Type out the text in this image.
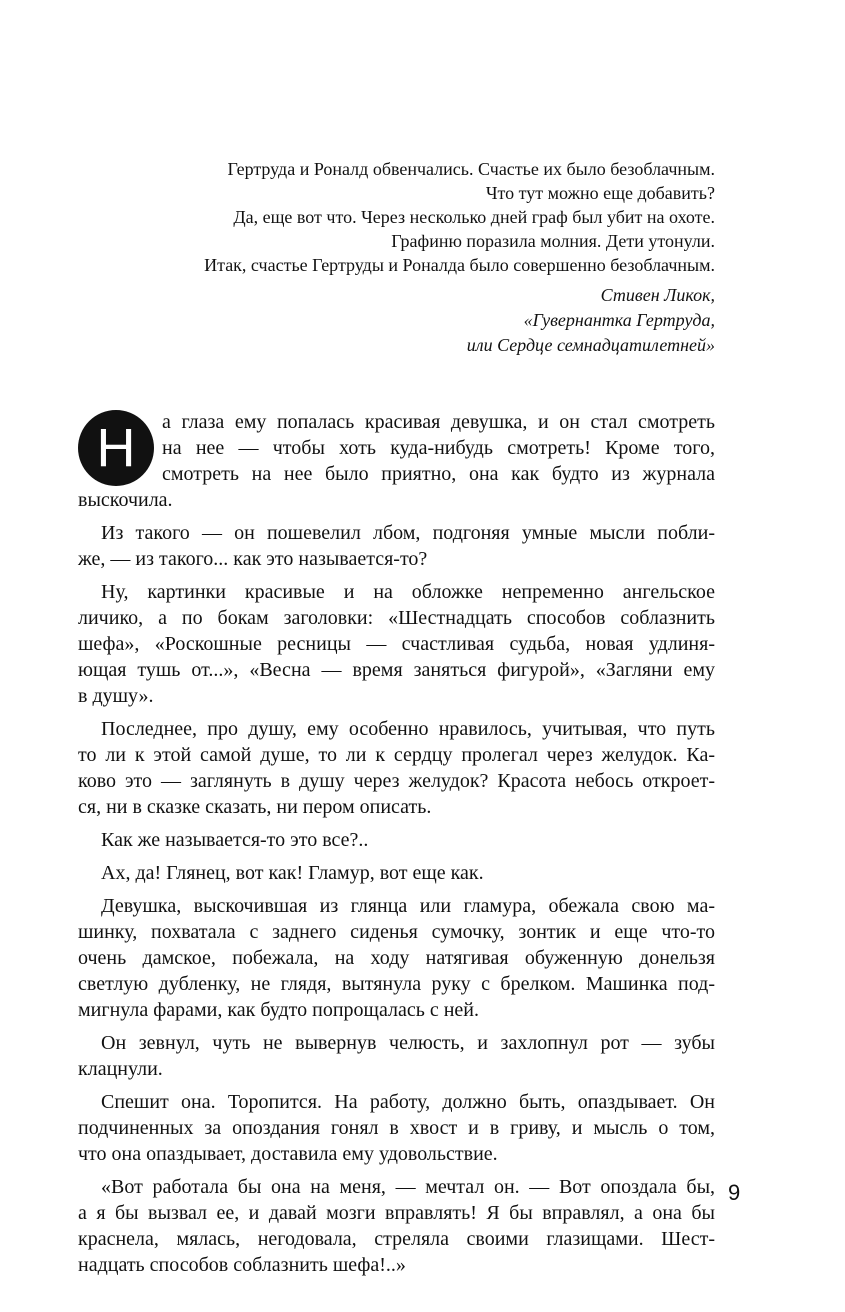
Гертруда и Роналд обвенчались. Счастье их было безоблачным.
Что тут можно еще добавить?
Да, еще вот что. Через несколько дней граф был убит на охоте.
Графиню поразила молния. Дети утонули.
Итак, счастье Гертруды и Роналда было совершенно безоблачным.
Стивен Ликок,
«Гувернантка Гертруда,
или Сердце семнадцатилетней»
Н	а глаза ему попалась красивая девушка, и он стал смотреть
на нее — чтобы хоть куда-нибудь смотреть! Кроме того,
смотреть на нее было приятно, она как будто из журнала
выскочила.
Из такого — он пошевелил лбом, подгоняя умные мысли побли-
же, — из такого... как это называется-то?
Ну, картинки красивые и на обложке непременно ангельское
личико, а по бокам заголовки: «Шестнадцать способов соблазнить
шефа», «Роскошные ресницы — счастливая судьба, новая удлиня-
ющая тушь от...», «Весна — время заняться фигурой», «Загляни ему
в душу».
Последнее, про душу, ему особенно нравилось, учитывая, что путь
то ли к этой самой душе, то ли к сердцу пролегал через желудок. Ка-
ково это — заглянуть в душу через желудок? Красота небось откроет-
ся, ни в сказке сказать, ни пером описать.
Как же называется-то это все?..
Ах, да! Глянец, вот как! Гламур, вот еще как.
Девушка, выскочившая из глянца или гламура, обежала свою ма-
шинку, похватала с заднего сиденья сумочку, зонтик и еще что-то
очень дамское, побежала, на ходу натягивая обуженную донельзя
светлую дубленку, не глядя, вытянула руку с брелком. Машинка под-
мигнула фарами, как будто попрощалась с ней.
Он зевнул, чуть не вывернув челюсть, и захлопнул рот — зубы
клацнули.
Спешит она. Торопится. На работу, должно быть, опаздывает. Он
подчиненных за опоздания гонял в хвост и в гриву, и мысль о том,
что она опаздывает, доставила ему удовольствие.
«Вот работала бы она на меня, — мечтал он. — Вот опоздала бы,
а я бы вызвал ее, и давай мозги вправлять! Я бы вправлял, а она бы
краснела, мялась, негодовала, стреляла своими глазищами. Шест-
надцать способов соблазнить шефа!..»
9
